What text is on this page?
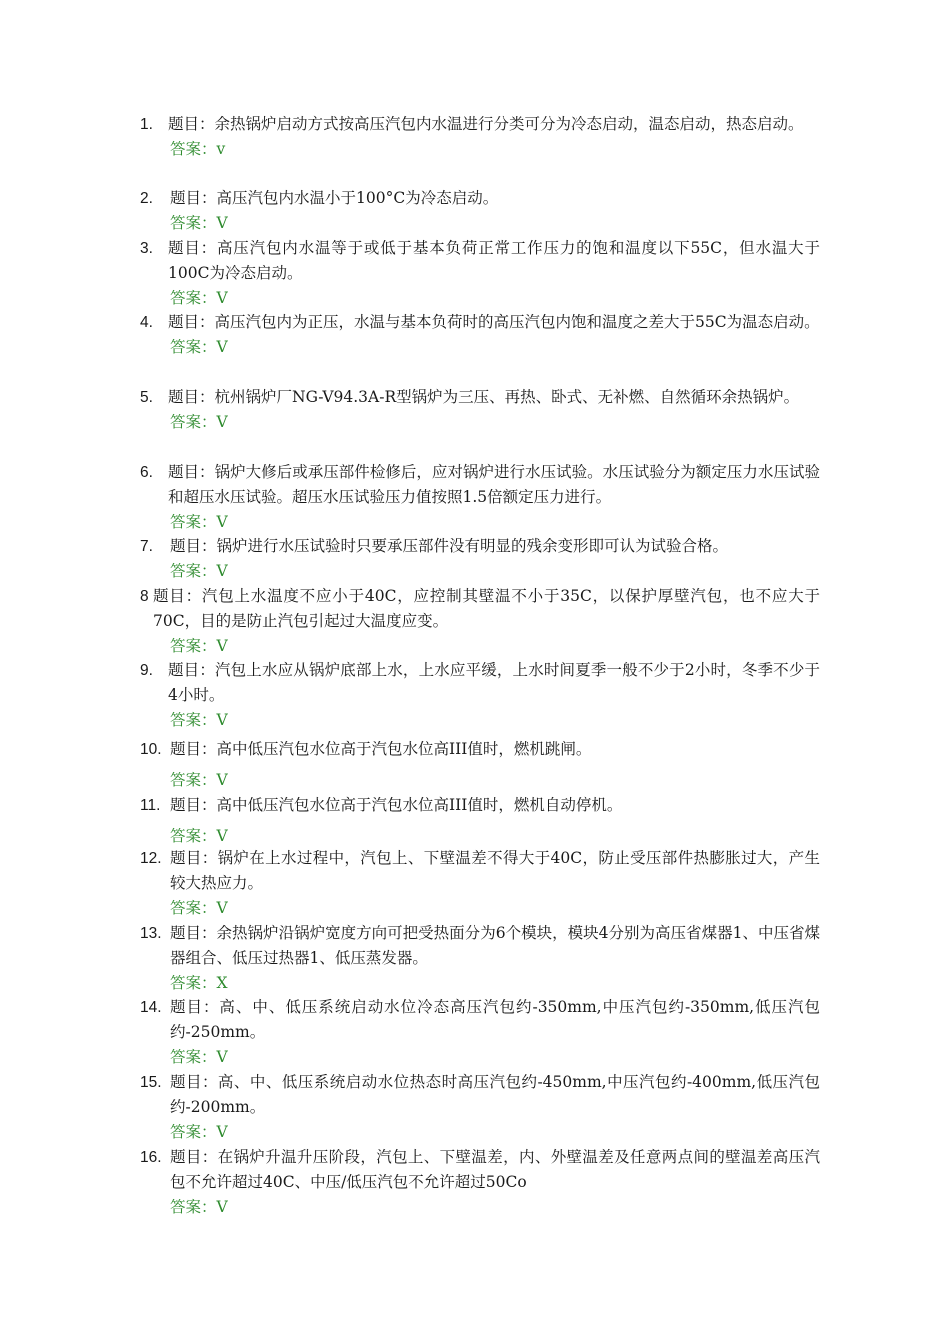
1. 题目：余热锅炉启动方式按高压汽包内水温进行分类可分为冷态启动，温态启动，热态启动。
答案：v
2.	题目：高压汽包内水温小于100°C为冷态启动。
答案：V
3. 题目：高压汽包内水温等于或低于基本负荷正常工作压力的饱和温度以下55C，但水温大于100C为冷态启动。
答案：V
4. 题目：高压汽包内为正压，水温与基本负荷时的高压汽包内饱和温度之差大于55C为温态启动。
答案：V
5. 题目：杭州锅炉厂NG-V94.3A-R型锅炉为三压、再热、卧式、无补燃、自然循环余热锅炉。
答案：V
6. 题目：锅炉大修后或承压部件检修后，应对锅炉进行水压试验。水压试验分为额定压力水压试验和超压水压试验。超压水压试验压力值按照1.5倍额定压力进行。
答案：V
7.	题目：锅炉进行水压试验时只要承压部件没有明显的残余变形即可认为试验合格。
答案：V
8 题目：汽包上水温度不应小于40C，应控制其壁温不小于35C，以保护厚壁汽包，也不应大于70C，目的是防止汽包引起过大温度应变。
答案：V
9. 题目：汽包上水应从锅炉底部上水，上水应平缓，上水时间夏季一般不少于2小时，冬季不少于4小时。
答案：V
10. 题目：高中低压汽包水位高于汽包水位高III值时，燃机跳闸。
答案：V
11. 题目：高中低压汽包水位高于汽包水位高III值时，燃机自动停机。
答案：V
12. 题目：锅炉在上水过程中，汽包上、下壁温差不得大于40C，防止受压部件热膨胀过大，产生较大热应力。
答案：V
13. 题目：余热锅炉沿锅炉宽度方向可把受热面分为6个模块，模块4分别为高压省煤器1、中压省煤器组合、低压过热器1、低压蒸发器。
答案：X
14. 题目：高、中、低压系统启动水位冷态高压汽包约-350mm,中压汽包约-350mm,低压汽包约-250mm。
答案：V
15. 题目：高、中、低压系统启动水位热态时高压汽包约-450mm,中压汽包约-400mm,低压汽包约-200mm。
答案：V
16. 题目：在锅炉升温升压阶段，汽包上、下壁温差，内、外壁温差及任意两点间的壁温差高压汽包不允许超过40C、中压/低压汽包不允许超过50Co
答案：V
